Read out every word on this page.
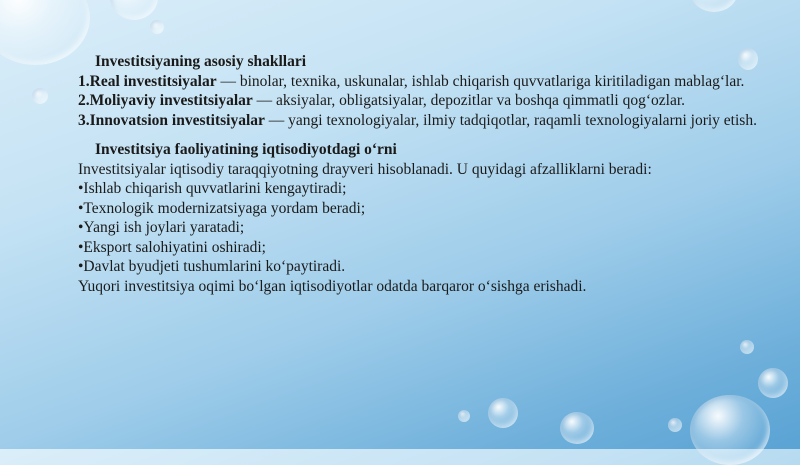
Investitsiyaning asosiy shakllari
1.Real investitsiyalar — binolar, texnika, uskunalar, ishlab chiqarish quvvatlariga kiritiladigan mablag‘lar.
2.Moliyaviy investitsiyalar — aksiyalar, obligatsiyalar, depozitlar va boshqa qimmatli qog‘ozlar.
3.Innovatsion investitsiyalar — yangi texnologiyalar, ilmiy tadqiqotlar, raqamli texnologiyalarni joriy etish.
Investitsiya faoliyatining iqtisodiyotdagi o‘rni
Investitsiyalar iqtisodiy taraqqiyotning drayveri hisoblanadi. U quyidagi afzalliklarni beradi:
•Ishlab chiqarish quvvatlarini kengaytiradi;
•Texnologik modernizatsiyaga yordam beradi;
•Yangi ish joylari yaratadi;
•Eksport salohiyatini oshiradi;
•Davlat byudjeti tushumlarini ko‘paytiradi.
Yuqori investitsiya oqimi bo‘lgan iqtisodiyotlar odatda barqaror o‘sishga erishadi.
